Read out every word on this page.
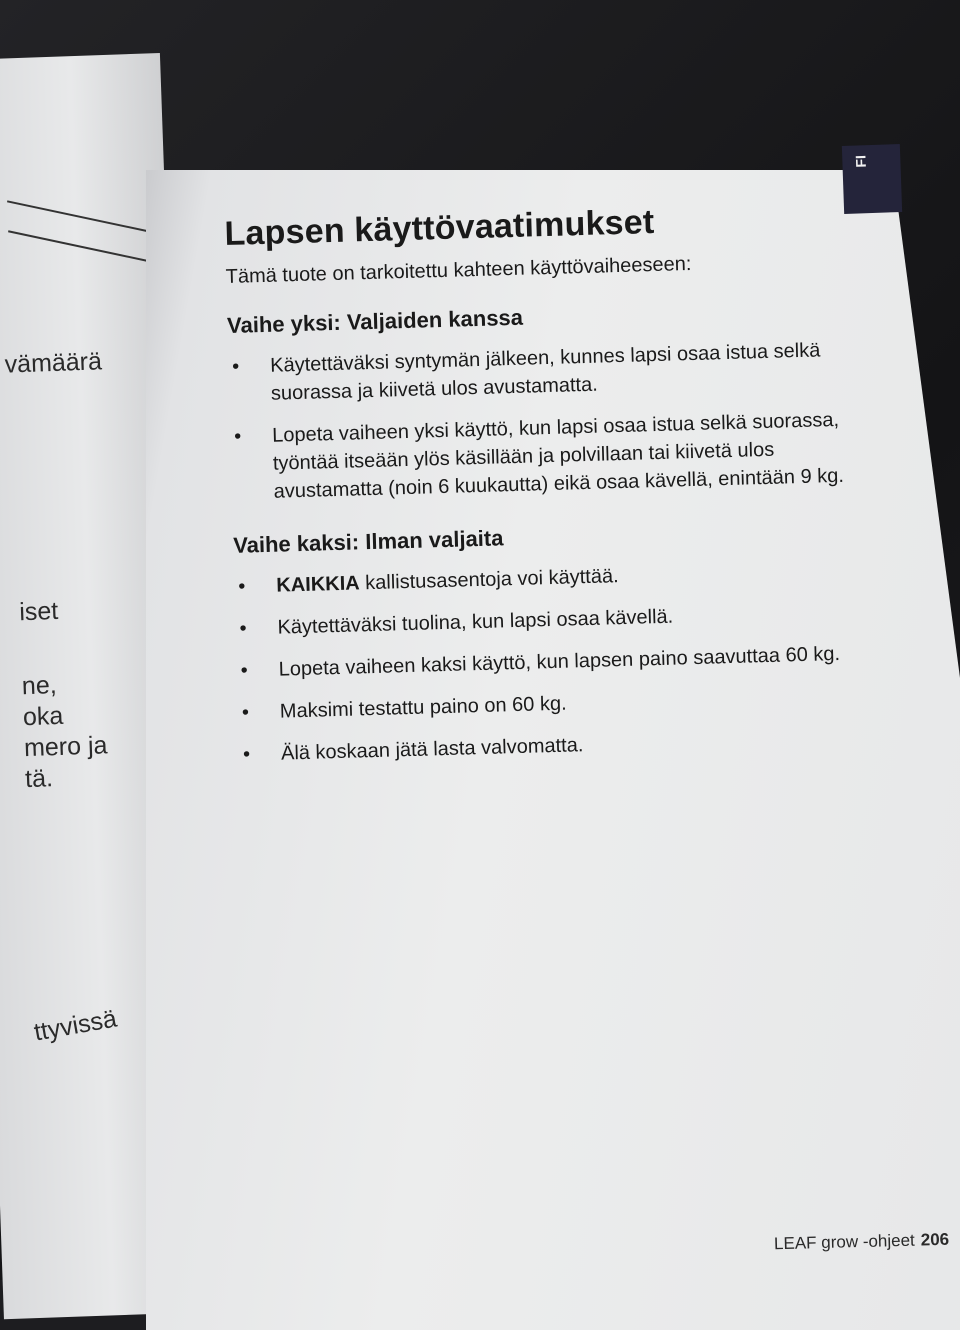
vämäärä
iset
ne,
oka
mero ja
tä.
ttyvissä
FI
Lapsen käyttövaatimukset

Tämä tuote on tarkoitettu kahteen käyttövaiheeseen:

Vaihe yksi: Valjaiden kanssa
• Käytettäväksi syntymän jälkeen, kunnes lapsi osaa istua selkä suorassa ja kiivetä ulos avustamatta.
• Lopeta vaiheen yksi käyttö, kun lapsi osaa istua selkä suorassa, työntää itseään ylös käsillään ja polvillaan tai kiivetä ulos avustamatta (noin 6 kuukautta) eikä osaa kävellä, enintään 9 kg.
Vaihe kaksi: Ilman valjaita
• KAIKKIA kallistusasentoja voi käyttää.
• Käytettäväksi tuolina, kun lapsi osaa kävellä.
• Lopeta vaiheen kaksi käyttö, kun lapsen paino saavuttaa 60 kg.
• Maksimi testattu paino on 60 kg.
• Älä koskaan jätä lasta valvomatta.
LEAF grow -ohjeet 206
